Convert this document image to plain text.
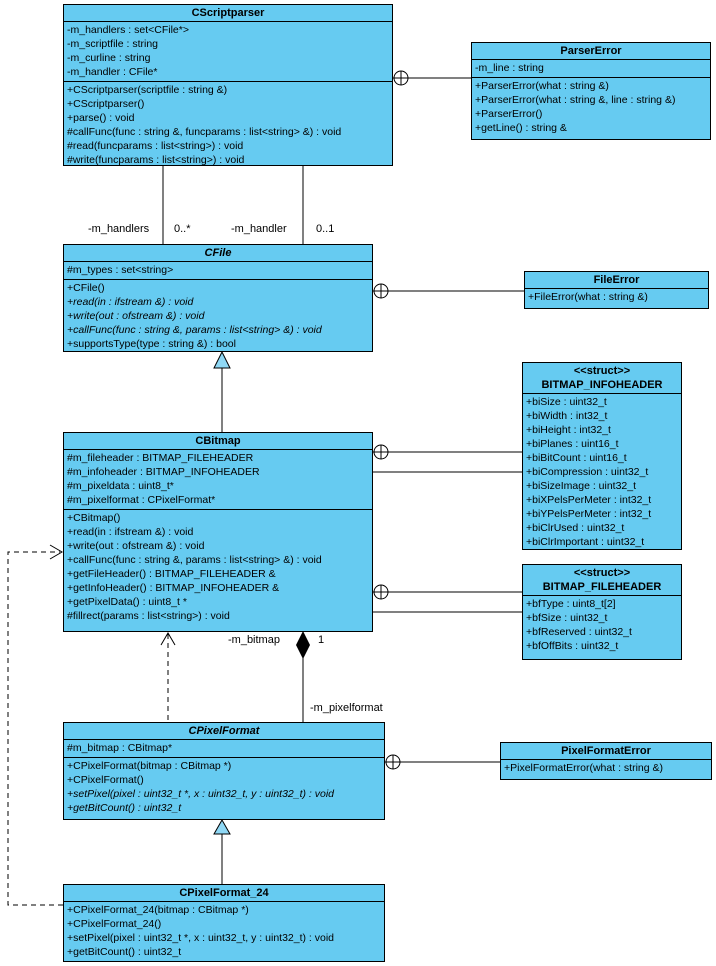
-m_handlers 0..*	-m_handler	0..1
-m_bitmap	1
-m_pixelformat
CScriptparser
-m_handlers : set<CFile*>
-m_scriptfile : string
-m_curline : string
-m_handler : CFile*
+CScriptparser(scriptfile : string &)
+CScriptparser()
+parse() : void
#callFunc(func : string &, funcparams : list<string> &) : void
#read(funcparams : list<string>) : void
#write(funcparams : list<string>) : void
ParserError
-m_line : string
+ParserError(what : string &)
+ParserError(what : string &, line : string &)
+ParserError()
+getLine() : string &
CFile
#m_types : set<string>
+CFile()
+read(in : ifstream &) : void
+write(out : ofstream &) : void
+callFunc(func : string &, params : list<string> &) : void
+supportsType(type : string &) : bool
FileError
+FileError(what : string &)
CBitmap
#m_fileheader : BITMAP_FILEHEADER
#m_infoheader : BITMAP_INFOHEADER
#m_pixeldata : uint8_t*
#m_pixelformat : CPixelFormat*
+CBitmap()
+read(in : ifstream &) : void
+write(out : ofstream &) : void
+callFunc(func : string &, params : list<string> &) : void
+getFileHeader() : BITMAP_FILEHEADER &
+getInfoHeader() : BITMAP_INFOHEADER &
+getPixelData() : uint8_t *
#fillrect(params : list<string>) : void
<<struct>>
BITMAP_INFOHEADER
+biSize : uint32_t
+biWidth : int32_t
+biHeight : int32_t
+biPlanes : uint16_t
+biBitCount : uint16_t
+biCompression : uint32_t
+biSizeImage : uint32_t
+biXPelsPerMeter : int32_t
+biYPelsPerMeter : int32_t
+biClrUsed : uint32_t
+biClrImportant : uint32_t
<<struct>>
BITMAP_FILEHEADER
+bfType : uint8_t[2]
+bfSize : uint32_t
+bfReserved : uint32_t
+bfOffBits : uint32_t
CPixelFormat
#m_bitmap : CBitmap*
+CPixelFormat(bitmap : CBitmap *)
+CPixelFormat()
+setPixel(pixel : uint32_t *, x : uint32_t, y : uint32_t) : void
+getBitCount() : uint32_t
PixelFormatError
+PixelFormatError(what : string &)
CPixelFormat_24
+CPixelFormat_24(bitmap : CBitmap *)
+CPixelFormat_24()
+setPixel(pixel : uint32_t *, x : uint32_t, y : uint32_t) : void
+getBitCount() : uint32_t
